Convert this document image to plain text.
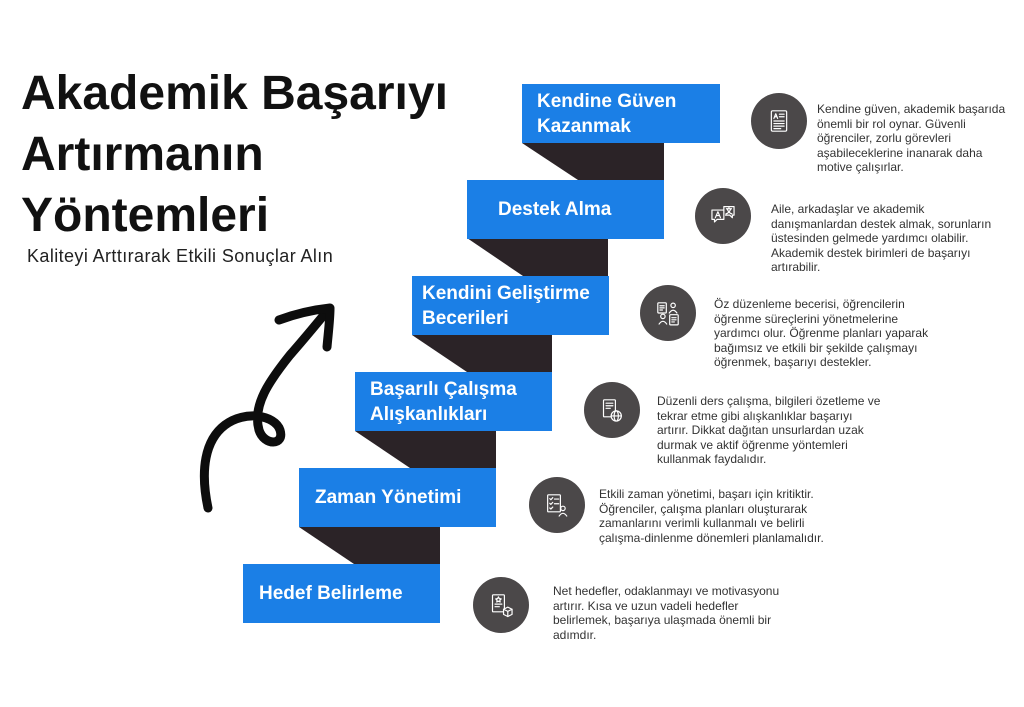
Akademik Başarıyı Artırmanın Yöntemleri
Kaliteyi Arttırarak Etkili Sonuçlar Alın
Kendine Güven Kazanmak
Destek Alma
Kendini Geliştirme Becerileri
Başarılı Çalışma Alışkanlıkları
Zaman Yönetimi
Hedef Belirleme
Kendine güven, akademik başarıda
önemli bir rol oynar. Güvenli
öğrenciler, zorlu görevleri
aşabileceklerine inanarak daha
motive çalışırlar.
Aile, arkadaşlar ve akademik
danışmanlardan destek almak, sorunların
üstesinden gelmede yardımcı olabilir.
Akademik destek birimleri de başarıyı
artırabilir.
Öz düzenleme becerisi, öğrencilerin
öğrenme süreçlerini yönetmelerine
yardımcı olur. Öğrenme planları yaparak
bağımsız ve etkili bir şekilde çalışmayı
öğrenmek, başarıyı destekler.
Düzenli ders çalışma, bilgileri özetleme ve
tekrar etme gibi alışkanlıklar başarıyı
artırır. Dikkat dağıtan unsurlardan uzak
durmak ve aktif öğrenme yöntemleri
kullanmak faydalıdır.
Etkili zaman yönetimi, başarı için kritiktir.
Öğrenciler, çalışma planları oluşturarak
zamanlarını verimli kullanmalı ve belirli
çalışma-dinlenme dönemleri planlamalıdır.
Net hedefler, odaklanmayı ve motivasyonu
artırır. Kısa ve uzun vadeli hedefler
belirlemek, başarıya ulaşmada önemli bir
adımdır.
